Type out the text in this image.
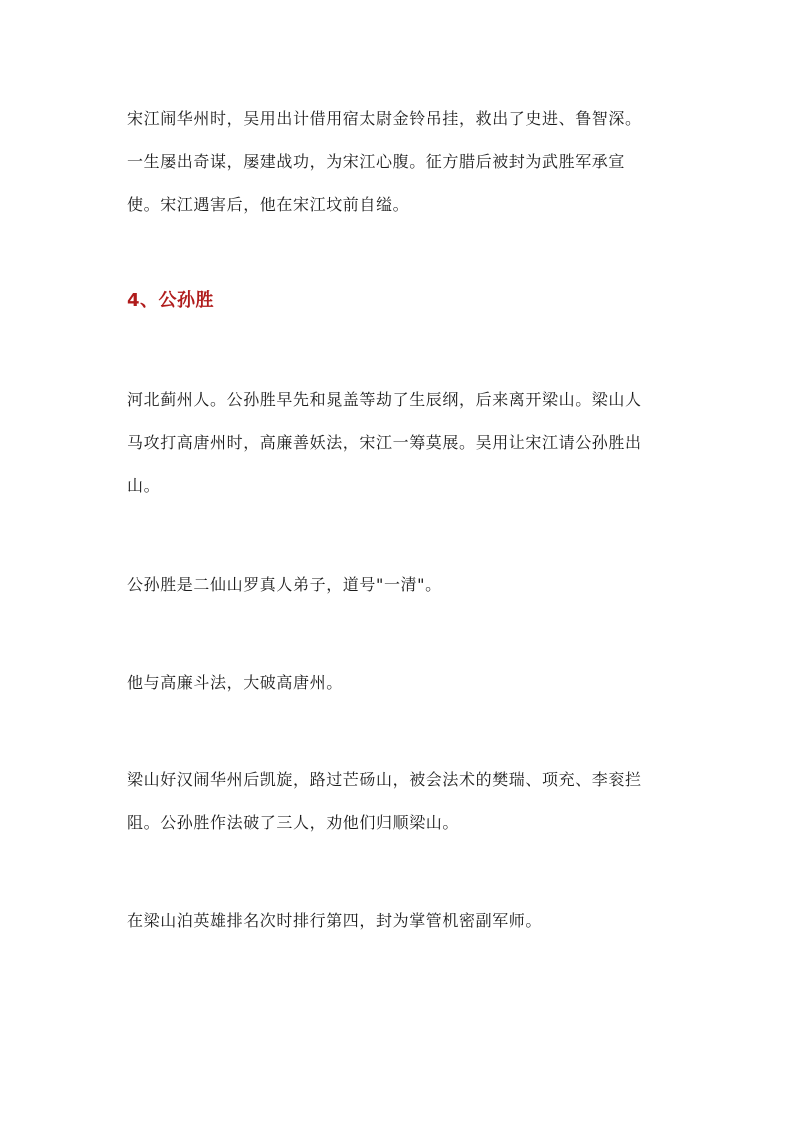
宋江闹华州时，吴用出计借用宿太尉金铃吊挂，救出了史进、鲁智深。一生屡出奇谋，屡建战功，为宋江心腹。征方腊后被封为武胜军承宣使。宋江遇害后，他在宋江坟前自缢。

4、公孙胜

河北蓟州人。公孙胜早先和晁盖等劫了生辰纲，后来离开梁山。梁山人马攻打高唐州时，高廉善妖法，宋江一筹莫展。吴用让宋江请公孙胜出山。

公孙胜是二仙山罗真人弟子，道号"一清"。

他与高廉斗法，大破高唐州。

梁山好汉闹华州后凯旋，路过芒砀山，被会法术的樊瑞、项充、李衮拦阻。公孙胜作法破了三人，劝他们归顺梁山。

在梁山泊英雄排名次时排行第四，封为掌管机密副军师。
